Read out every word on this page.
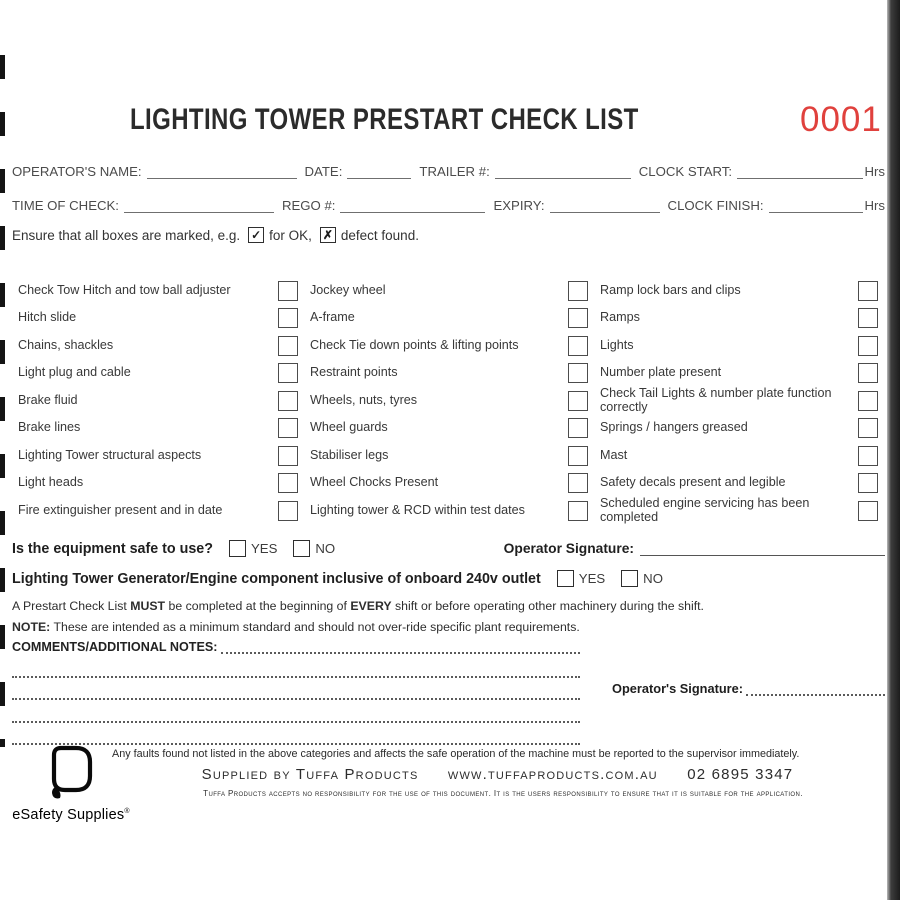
LIGHTING TOWER PRESTART CHECK LIST	0001
OPERATOR'S NAME:	DATE:	TRAILER #:	CLOCK START:	Hrs
TIME OF CHECK:	REGO #:	EXPIRY:	CLOCK FINISH:	Hrs
Ensure that all boxes are marked, e.g. ✓ for OK, ✗ defect found.
Check Tow Hitch and tow ball adjuster	Jockey wheel	Ramp lock bars and clips
Hitch slide	A-frame	Ramps
Chains, shackles	Check Tie down points & lifting points	Lights
Light plug and cable	Restraint points	Number plate present
Brake fluid	Wheels, nuts, tyres	Check Tail Lights & number plate function correctly
Brake lines	Wheel guards	Springs / hangers greased
Lighting Tower structural aspects	Stabiliser legs	Mast
Light heads	Wheel Chocks Present	Safety decals present and legible
Fire extinguisher present and in date	Lighting tower & RCD within test dates	Scheduled engine servicing has been completed
Is the equipment safe to use?	YES	NO	Operator Signature:
Lighting Tower Generator/Engine component inclusive of onboard 240v outlet	YES	NO
A Prestart Check List MUST be completed at the beginning of EVERY shift or before operating other machinery during the shift.
NOTE: These are intended as a minimum standard and should not over-ride specific plant requirements.
COMMENTS/ADDITIONAL NOTES:
Operator's Signature:
Any faults found not listed in the above categories and affects the safe operation of the machine must be reported to the supervisor immediately.
Supplied by Tuffa Products www.tuffaproducts.com.au 02 6895 3347
Tuffa Products accepts no responsibility for the use of this document. It is the users responsibility to ensure that it is suitable for the application.
eSafety Supplies®
